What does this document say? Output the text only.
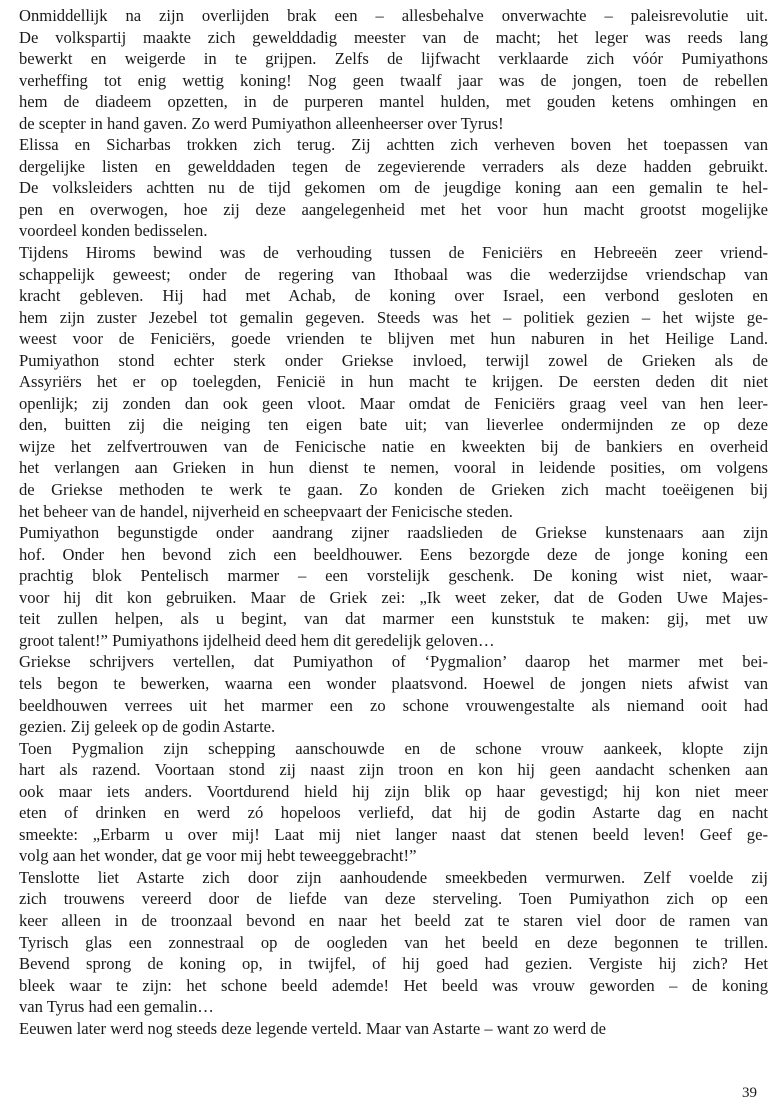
Onmiddellijk na zijn overlijden brak een – allesbehalve onverwachte – paleisrevolutie uit.
De volkspartij maakte zich gewelddadig meester van de macht; het leger was reeds lang
bewerkt en weigerde in te grijpen. Zelfs de lijfwacht verklaarde zich vóór Pumiyathons
verheffing tot enig wettig koning! Nog geen twaalf jaar was de jongen, toen de rebellen
hem de diadeem opzetten, in de purperen mantel hulden, met gouden ketens omhingen en
de scepter in hand gaven. Zo werd Pumiyathon alleenheerser over Tyrus!
Elissa en Sicharbas trokken zich terug. Zij achtten zich verheven boven het toepassen van
dergelijke listen en gewelddaden tegen de zegevierende verraders als deze hadden gebruikt.
De volksleiders achtten nu de tijd gekomen om de jeugdige koning aan een gemalin te hel-
pen en overwogen, hoe zij deze aangelegenheid met het voor hun macht grootst mogelijke
voordeel konden bedisselen.
Tijdens Hiroms bewind was de verhouding tussen de Feniciërs en Hebreeën zeer vriend-
schappelijk geweest; onder de regering van Ithobaal was die wederzijdse vriendschap van
kracht gebleven. Hij had met Achab, de koning over Israel, een verbond gesloten en
hem zijn zuster Jezebel tot gemalin gegeven. Steeds was het – politiek gezien – het wijste ge-
weest voor de Feniciërs, goede vrienden te blijven met hun naburen in het Heilige Land.
Pumiyathon stond echter sterk onder Griekse invloed, terwijl zowel de Grieken als de
Assyriërs het er op toelegden, Fenicië in hun macht te krijgen. De eersten deden dit niet
openlijk; zij zonden dan ook geen vloot. Maar omdat de Feniciërs graag veel van hen leer-
den, buitten zij die neiging ten eigen bate uit; van lieverlee ondermijnden ze op deze
wijze het zelfvertrouwen van de Fenicische natie en kweekten bij de bankiers en overheid
het verlangen aan Grieken in hun dienst te nemen, vooral in leidende posities, om volgens
de Griekse methoden te werk te gaan. Zo konden de Grieken zich macht toeëigenen bij
het beheer van de handel, nijverheid en scheepvaart der Fenicische steden.
Pumiyathon begunstigde onder aandrang zijner raadslieden de Griekse kunstenaars aan zijn
hof. Onder hen bevond zich een beeldhouwer. Eens bezorgde deze de jonge koning een
prachtig blok Pentelisch marmer – een vorstelijk geschenk. De koning wist niet, waar-
voor hij dit kon gebruiken. Maar de Griek zei: „Ik weet zeker, dat de Goden Uwe Majes-
teit zullen helpen, als u begint, van dat marmer een kunststuk te maken: gij, met uw
groot talent!” Pumiyathons ijdelheid deed hem dit geredelijk geloven…
Griekse schrijvers vertellen, dat Pumiyathon of ‘Pygmalion’ daarop het marmer met bei-
tels begon te bewerken, waarna een wonder plaatsvond. Hoewel de jongen niets afwist van
beeldhouwen verrees uit het marmer een zo schone vrouwengestalte als niemand ooit had
gezien. Zij geleek op de godin Astarte.
Toen Pygmalion zijn schepping aanschouwde en de schone vrouw aankeek, klopte zijn
hart als razend. Voortaan stond zij naast zijn troon en kon hij geen aandacht schenken aan
ook maar iets anders. Voortdurend hield hij zijn blik op haar gevestigd; hij kon niet meer
eten of drinken en werd zó hopeloos verliefd, dat hij de godin Astarte dag en nacht
smeekte: „Erbarm u over mij! Laat mij niet langer naast dat stenen beeld leven! Geef ge-
volg aan het wonder, dat ge voor mij hebt teweeggebracht!”
Tenslotte liet Astarte zich door zijn aanhoudende smeekbeden vermurwen. Zelf voelde zij
zich trouwens vereerd door de liefde van deze sterveling. Toen Pumiyathon zich op een
keer alleen in de troonzaal bevond en naar het beeld zat te staren viel door de ramen van
Tyrisch glas een zonnestraal op de oogleden van het beeld en deze begonnen te trillen.
Bevend sprong de koning op, in twijfel, of hij goed had gezien. Vergiste hij zich? Het
bleek waar te zijn: het schone beeld ademde! Het beeld was vrouw geworden – de koning
van Tyrus had een gemalin…
Eeuwen later werd nog steeds deze legende verteld. Maar van Astarte – want zo werd de
39
